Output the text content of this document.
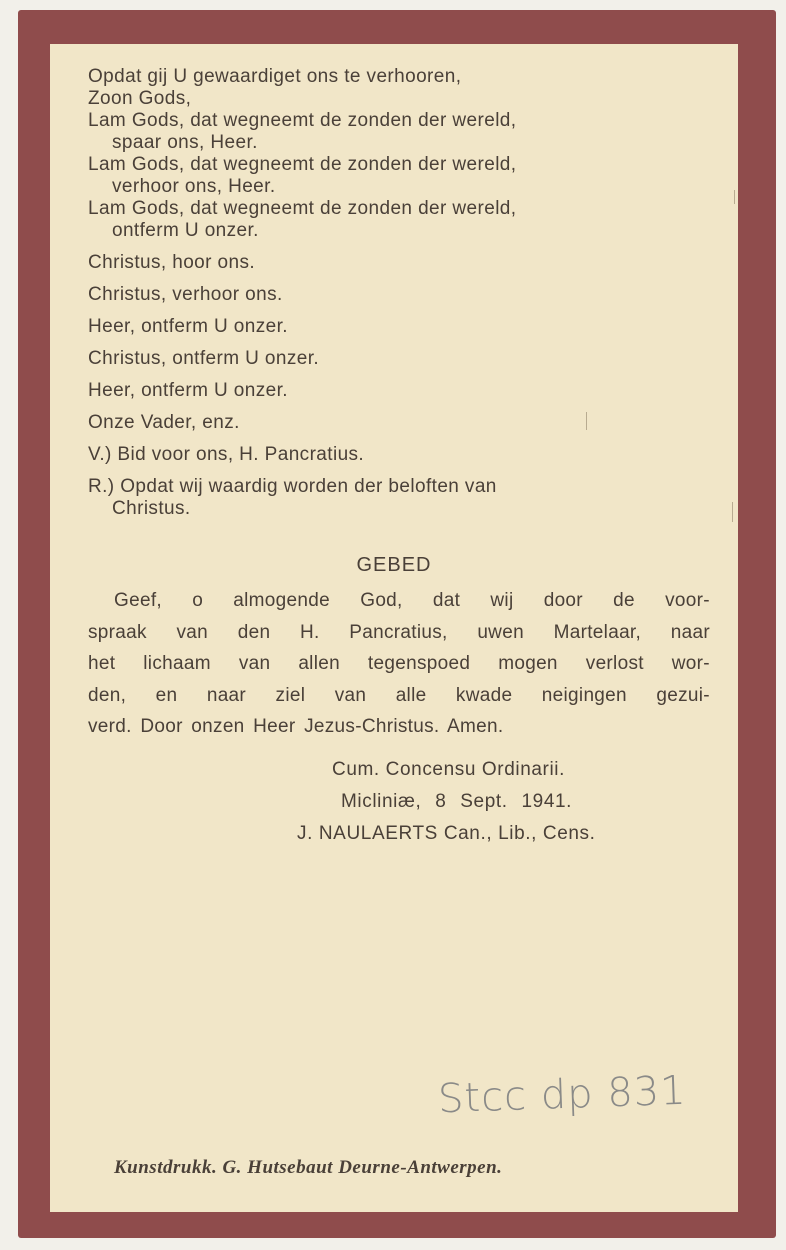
Opdat gij U gewaardiget ons te verhooren,
Zoon Gods,
Lam Gods, dat wegneemt de zonden der wereld,
spaar ons, Heer.
Lam Gods, dat wegneemt de zonden der wereld,
verhoor ons, Heer.
Lam Gods, dat wegneemt de zonden der wereld,
ontferm U onzer.
Christus, hoor ons.
Christus, verhoor ons.
Heer, ontferm U onzer.
Christus, ontferm U onzer.
Heer, ontferm U onzer.
Onze Vader, enz.
V.) Bid voor ons, H. Pancratius.
R.) Opdat wij waardig worden der beloften van
Christus.
GEBED
Geef, o almogende God, dat wij door de voor-
spraak van den H. Pancratius, uwen Martelaar, naar
het lichaam van allen tegenspoed mogen verlost wor-
den, en naar ziel van alle kwade neigingen gezui-
verd. Door onzen Heer Jezus-Christus. Amen.
Cum. Concensu Ordinarii.
Micliniæ, 8 Sept. 1941.
J. NAULAERTS Can., Lib., Cens.
Stcc dp 831
Kunstdrukk. G. Hutsebaut Deurne-Antwerpen.
